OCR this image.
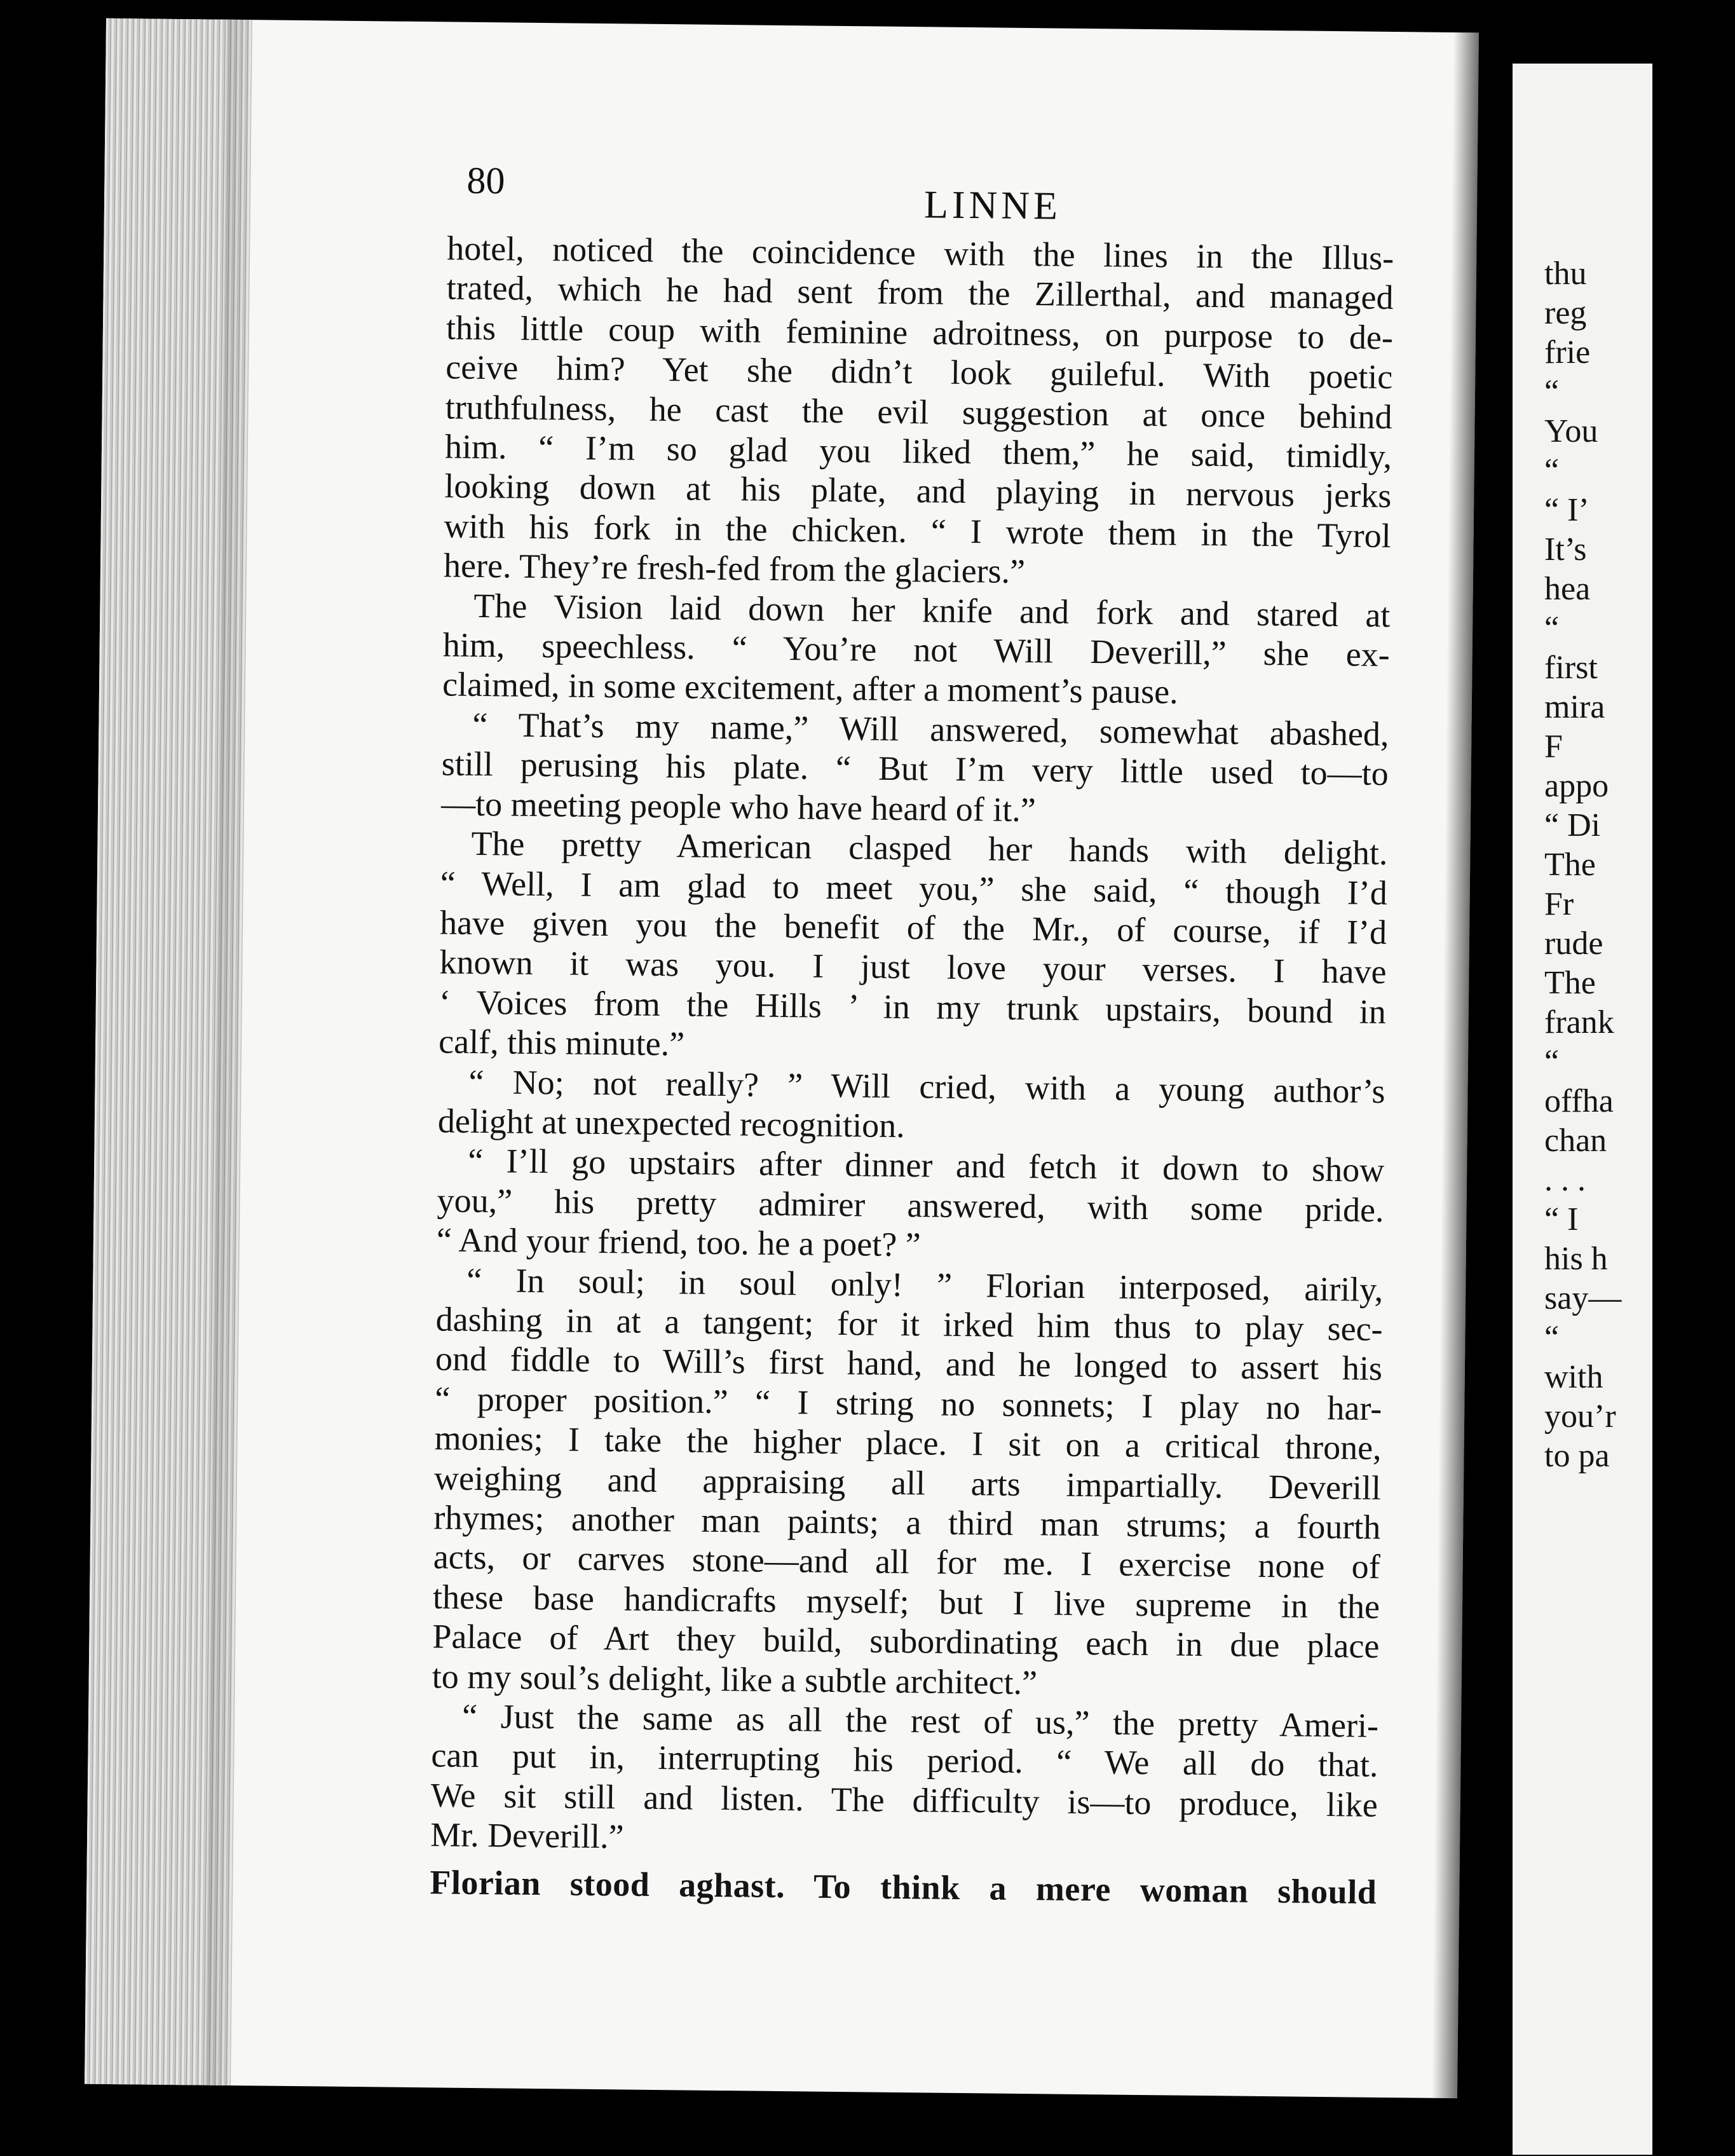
80
LINNE
hotel, noticed the coincidence with the lines in the Illus-
trated, which he had sent from the Zillerthal, and managed
this little coup with feminine adroitness, on purpose to de-
ceive him? Yet she didn’t look guileful. With poetic
truthfulness, he cast the evil suggestion at once behind
him. “ I’m so glad you liked them,” he said, timidly,
looking down at his plate, and playing in nervous jerks
with his fork in the chicken. “ I wrote them in the Tyrol
here. They’re fresh-fed from the glaciers.”
The Vision laid down her knife and fork and stared at
him, speechless. “ You’re not Will Deverill,” she ex-
claimed, in some excitement, after a moment’s pause.
“ That’s my name,” Will answered, somewhat abashed,
still perusing his plate. “ But I’m very little used to—to
—to meeting people who have heard of it.”
The pretty American clasped her hands with delight.
“ Well, I am glad to meet you,” she said, “ though I’d
have given you the benefit of the Mr., of course, if I’d
known it was you. I just love your verses. I have
‘ Voices from the Hills ’ in my trunk upstairs, bound in
calf, this minute.”
“ No; not really? ” Will cried, with a young author’s
delight at unexpected recognition.
“ I’ll go upstairs after dinner and fetch it down to show
you,” his pretty admirer answered, with some pride.
“ And your friend, too. he a poet? ”
“ In soul; in soul only! ” Florian interposed, airily,
dashing in at a tangent; for it irked him thus to play sec-
ond fiddle to Will’s first hand, and he longed to assert his
“ proper position.” “ I string no sonnets; I play no har-
monies; I take the higher place. I sit on a critical throne,
weighing and appraising all arts impartially. Deverill
rhymes; another man paints; a third man strums; a fourth
acts, or carves stone—and all for me. I exercise none of
these base handicrafts myself; but I live supreme in the
Palace of Art they build, subordinating each in due place
to my soul’s delight, like a subtle architect.”
“ Just the same as all the rest of us,” the pretty Ameri-
can put in, interrupting his period. “ We all do that.
We sit still and listen. The difficulty is—to produce, like
Mr. Deverill.”
Florian stood aghast. To think a mere woman should
thu
reg
frie
“
You
“
“ I’
It’s
hea
“
first
mira
F
appo
“ Di
The
Fr
rude
The
frank
“
offha
chan
. . .
“ I
his h
say—
“
with
you’r
to pa
